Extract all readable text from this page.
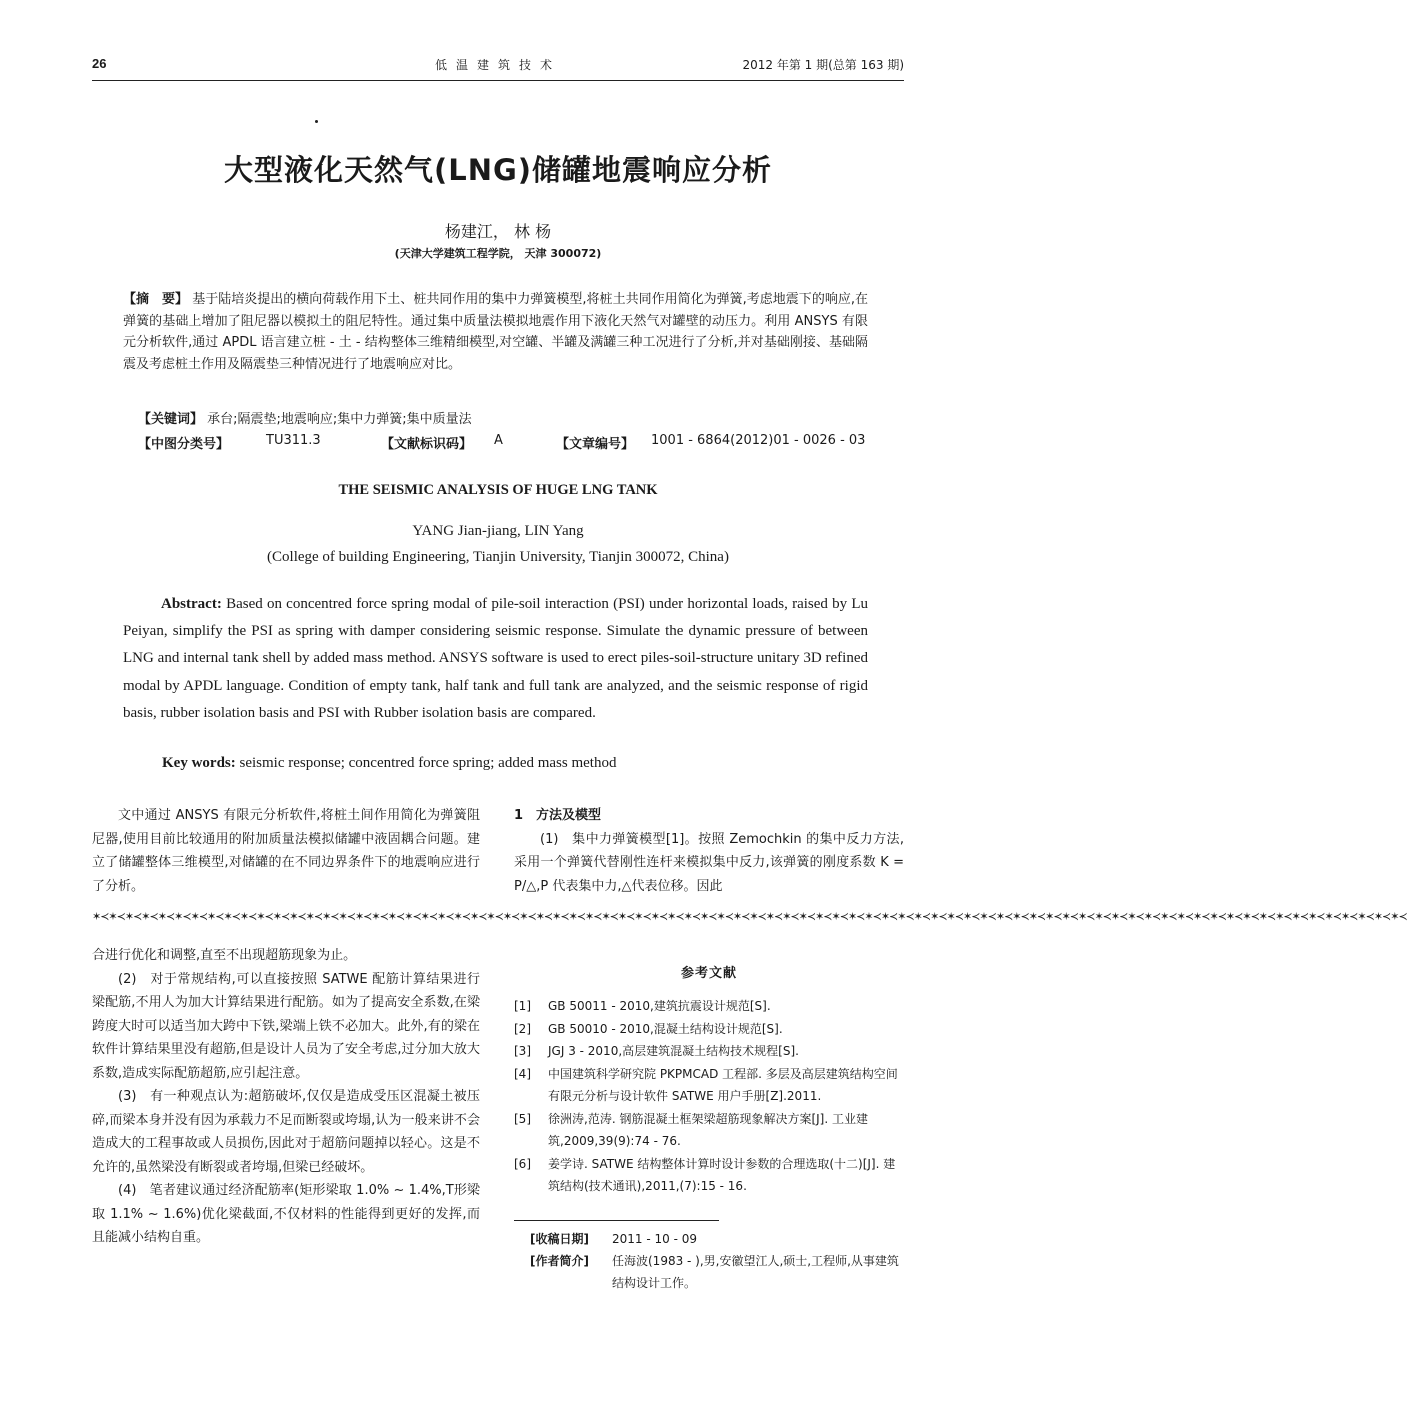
26	低温建筑技术	2012 年第 1 期(总第 163 期)
大型液化天然气(LNG)储罐地震响应分析
杨建江， 林 杨
(天津大学建筑工程学院， 天津 300072)
【摘　要】 基于陆培炎提出的横向荷载作用下土、桩共同作用的集中力弹簧模型,将桩土共同作用简化为弹簧,考虑地震下的响应,在弹簧的基础上增加了阻尼器以模拟土的阻尼特性。通过集中质量法模拟地震作用下液化天然气对罐壁的动压力。利用 ANSYS 有限元分析软件,通过 APDL 语言建立桩 - 土 - 结构整体三维精细模型,对空罐、半罐及满罐三种工况进行了分析,并对基础刚接、基础隔震及考虑桩土作用及隔震垫三种情况进行了地震响应对比。
【关键词】 承台;隔震垫;地震响应;集中力弹簧;集中质量法
【中图分类号】	TU311.3	【文献标识码】 A	【文章编号】 1001 - 6864(2012)01 - 0026 - 03
THE SEISMIC ANALYSIS OF HUGE LNG TANK
YANG Jian-jiang, LIN Yang
(College of building Engineering, Tianjin University, Tianjin 300072, China)
Abstract: Based on concentred force spring modal of pile-soil interaction (PSI) under horizontal loads, raised by Lu Peiyan, simplify the PSI as spring with damper considering seismic response. Simulate the dynamic pressure of between LNG and internal tank shell by added mass method. ANSYS software is used to erect piles-soil-structure unitary 3D refined modal by APDL language. Condition of empty tank, half tank and full tank are analyzed, and the seismic response of rigid basis, rubber isolation basis and PSI with Rubber isolation basis are compared.
Key words: seismic response; concentred force spring; added mass method

文中通过 ANSYS 有限元分析软件,将桩土间作用简化为弹簧阻尼器,使用目前比较通用的附加质量法模拟储罐中液固耦合问题。建立了储罐整体三维模型,对储罐的在不同边界条件下的地震响应进行了分析。

1　方法及模型

(1)　集中力弹簧模型[1]。按照 Zemochkin 的集中反力方法,采用一个弹簧代替刚性连杆来模拟集中反力,该弹簧的刚度系数 K = P/△,P 代表集中力,△代表位移。因此

✶≺✶≺✶≺✶≺✶≺✶≺✶≺✶≺✶≺✶≺✶≺✶≺✶≺✶≺✶≺✶≺✶≺✶≺✶≺✶≺✶≺✶≺✶≺✶≺✶≺✶≺✶≺✶≺✶≺✶≺✶≺✶≺✶≺✶≺✶≺✶≺✶≺✶≺✶≺✶≺✶≺✶≺✶≺✶≺✶≺✶≺✶≺✶≺✶≺✶≺✶≺✶≺✶≺✶≺✶≺✶≺✶≺✶≺✶≺✶≺✶≺✶≺✶≺✶≺✶≺✶≺✶≺✶≺✶≺✶≺✶≺✶≺✶≺✶≺✶≺✶≺✶≺✶≺✶≺✶≺

合进行优化和调整,直至不出现超筋现象为止。

(2)　对于常规结构,可以直接按照 SATWE 配筋计算结果进行梁配筋,不用人为加大计算结果进行配筋。如为了提高安全系数,在梁跨度大时可以适当加大跨中下铁,梁端上铁不必加大。此外,有的梁在软件计算结果里没有超筋,但是设计人员为了安全考虑,过分加大放大系数,造成实际配筋超筋,应引起注意。

(3)　有一种观点认为:超筋破坏,仅仅是造成受压区混凝土被压碎,而梁本身并没有因为承载力不足而断裂或垮塌,认为一般来讲不会造成大的工程事故或人员损伤,因此对于超筋问题掉以轻心。这是不允许的,虽然梁没有断裂或者垮塌,但梁已经破坏。

(4)　笔者建议通过经济配筋率(矩形梁取 1.0% ~ 1.4%,T形梁取 1.1% ~ 1.6%)优化梁截面,不仅材料的性能得到更好的发挥,而且能减小结构自重。

参考文献
[1]	GB 50011 - 2010,建筑抗震设计规范[S].
[2]	GB 50010 - 2010,混凝土结构设计规范[S].
[3]	JGJ 3 - 2010,高层建筑混凝土结构技术规程[S].
[4]	中国建筑科学研究院 PKPMCAD 工程部. 多层及高层建筑结构空间有限元分析与设计软件 SATWE 用户手册[Z].2011.
[5]	徐洲涛,范涛. 钢筋混凝土框架梁超筋现象解决方案[J]. 工业建筑,2009,39(9):74 - 76.
[6]	姜学诗. SATWE 结构整体计算时设计参数的合理选取(十二)[J]. 建筑结构(技术通讯),2011,(7):15 - 16.
[收稿日期]	2011 - 10 - 09
[作者简介]	任海波(1983 - ),男,安徽望江人,硕士,工程师,从事建筑结构设计工作。
